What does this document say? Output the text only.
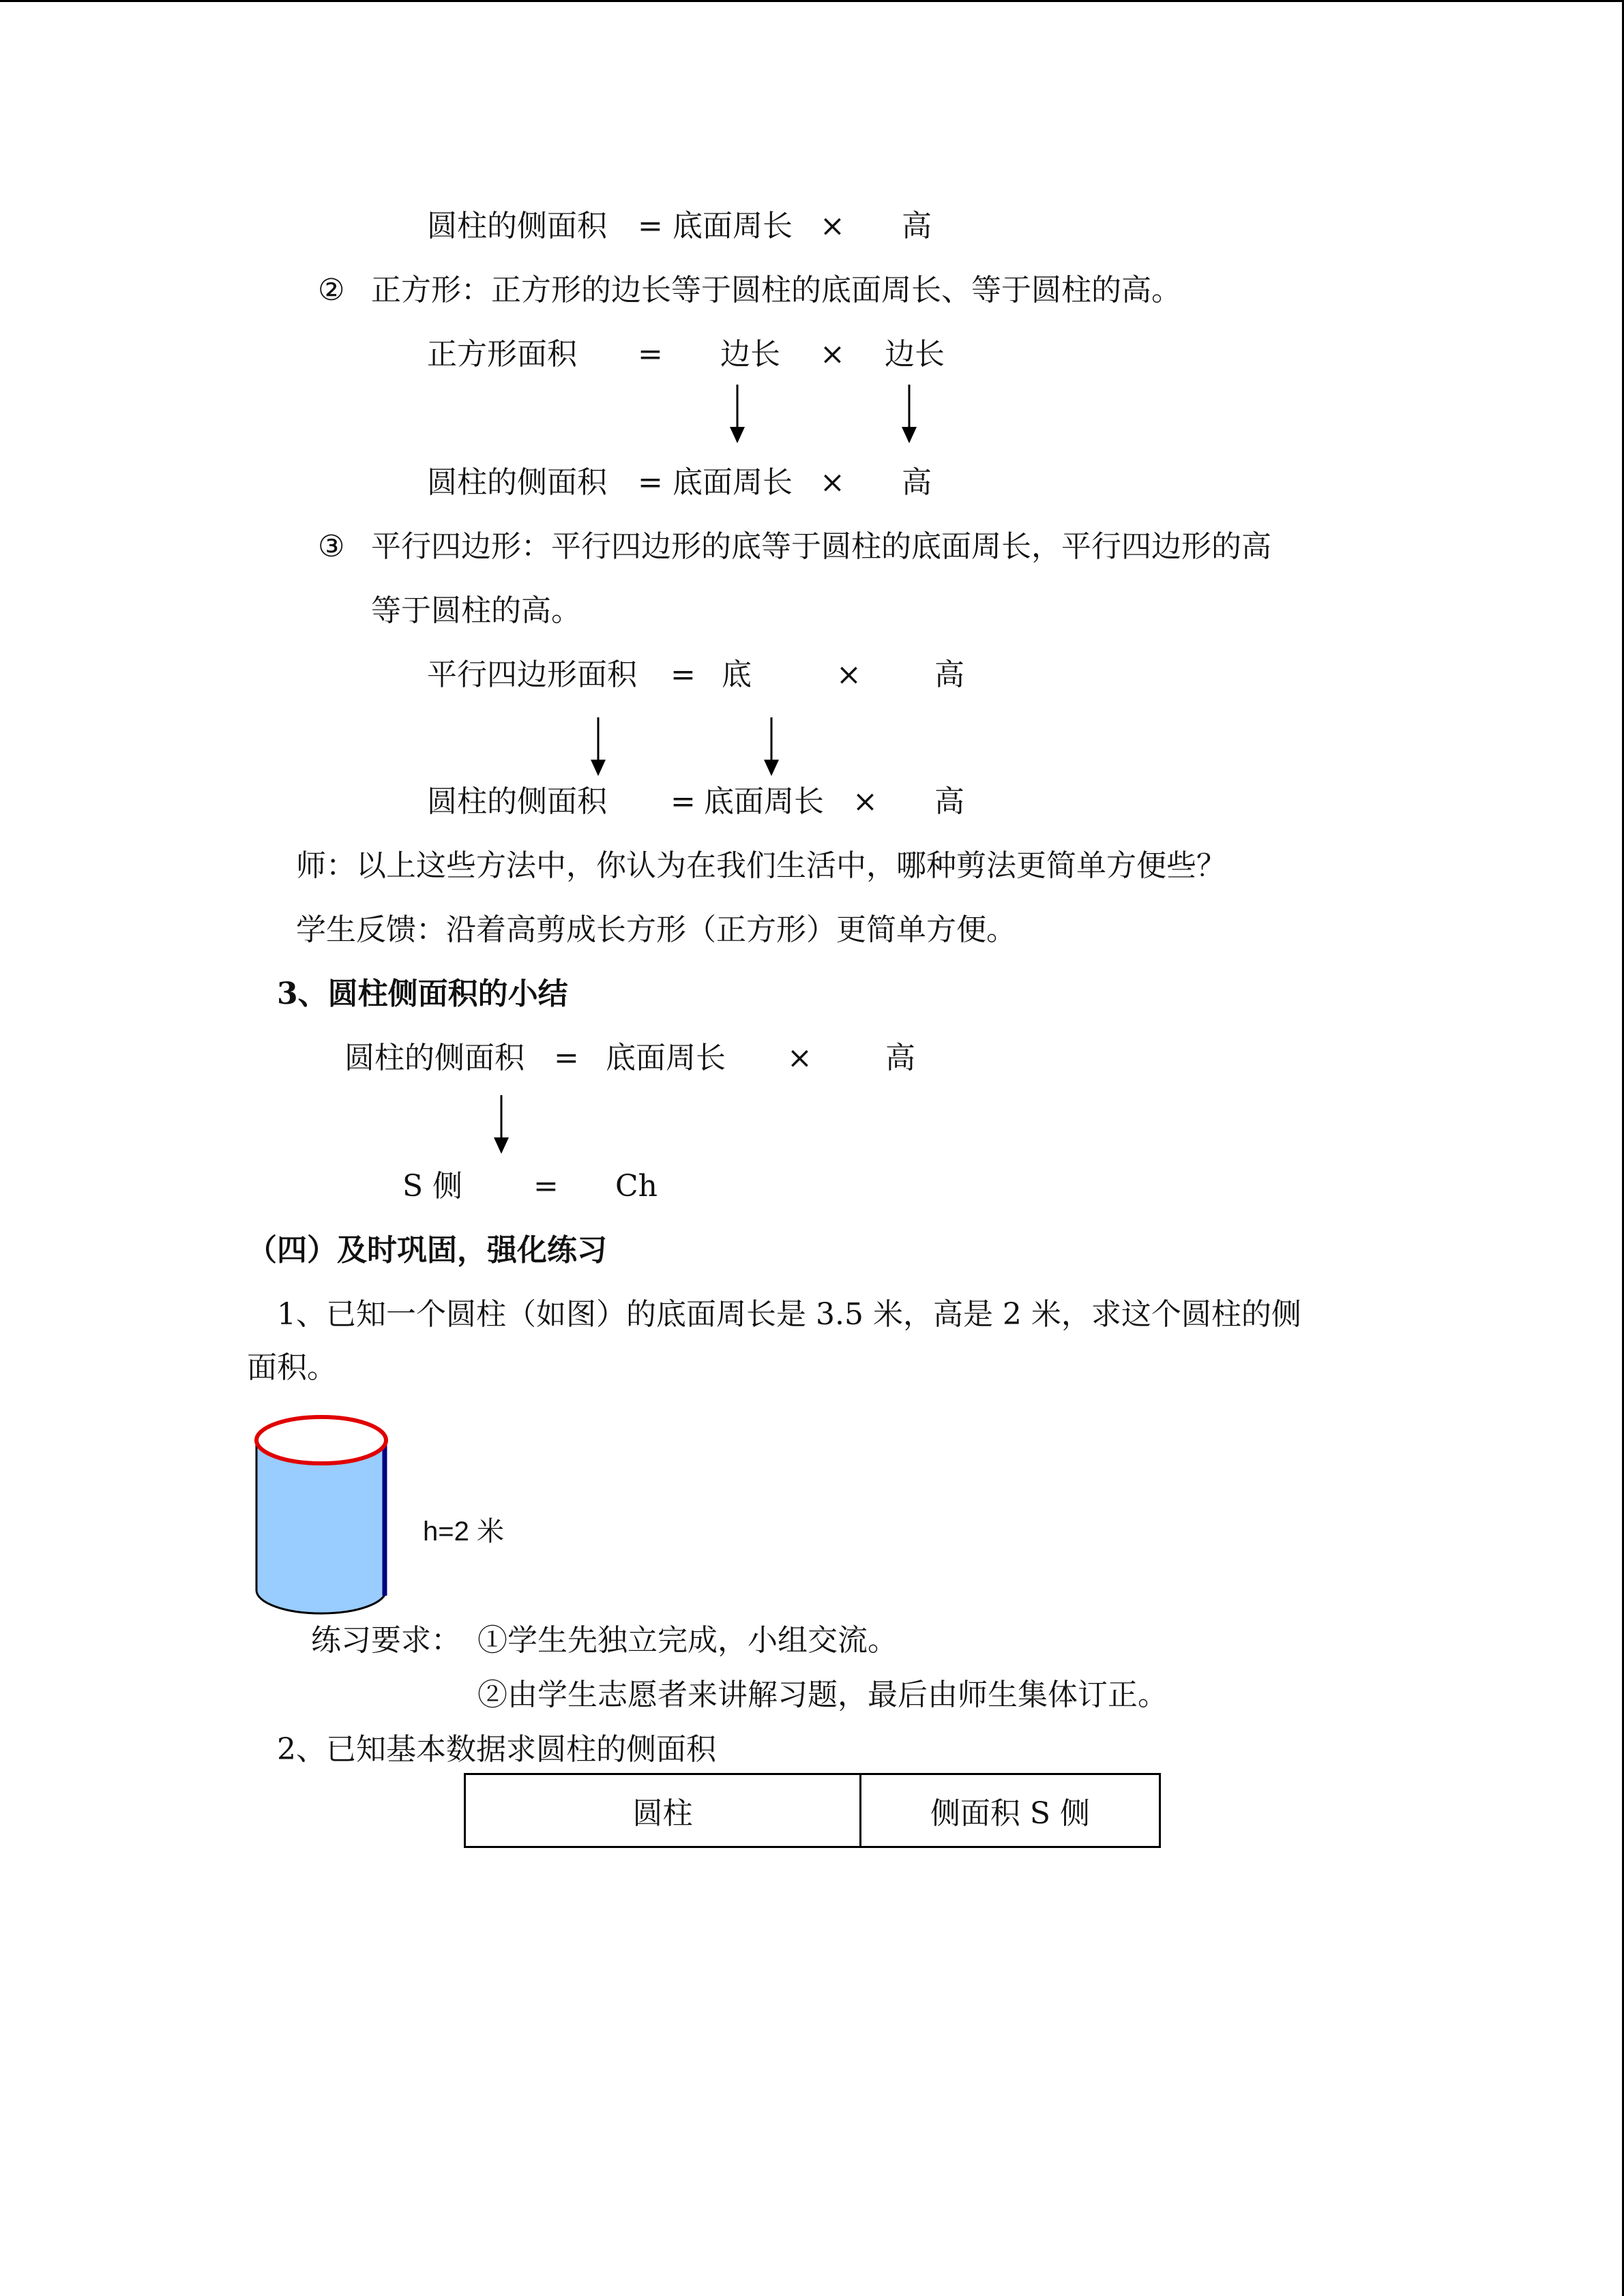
圆柱的侧面积 = 底面周长 × 高
② 正方形：正方形的边长等于圆柱的底面周长、等于圆柱的高。
正方形面积 = 边长 × 边长
圆柱的侧面积 = 底面周长 × 高
③ 平行四边形：平行四边形的底等于圆柱的底面周长，平行四边形的高
等于圆柱的高。
平行四边形面积 = 底	× 高
圆柱的侧面积 = 底面周长 × 高
师：以上这些方法中，你认为在我们生活中，哪种剪法更简单方便些？
学生反馈：沿着高剪成长方形（正方形）更简单方便。
3、圆柱侧面积的小结
圆柱的侧面积 = 底面周长 × 高
S 侧 = Ch
（四）及时巩固，强化练习
1、已知一个圆柱（如图）的底面周长是 3.5 米，高是 2 米，求这个圆柱的侧
面积。
h=2 米
练习要求： ①学生先独立完成，小组交流。
②由学生志愿者来讲解习题，最后由师生集体订正。
2、已知基本数据求圆柱的侧面积
圆柱	侧面积 S 侧
